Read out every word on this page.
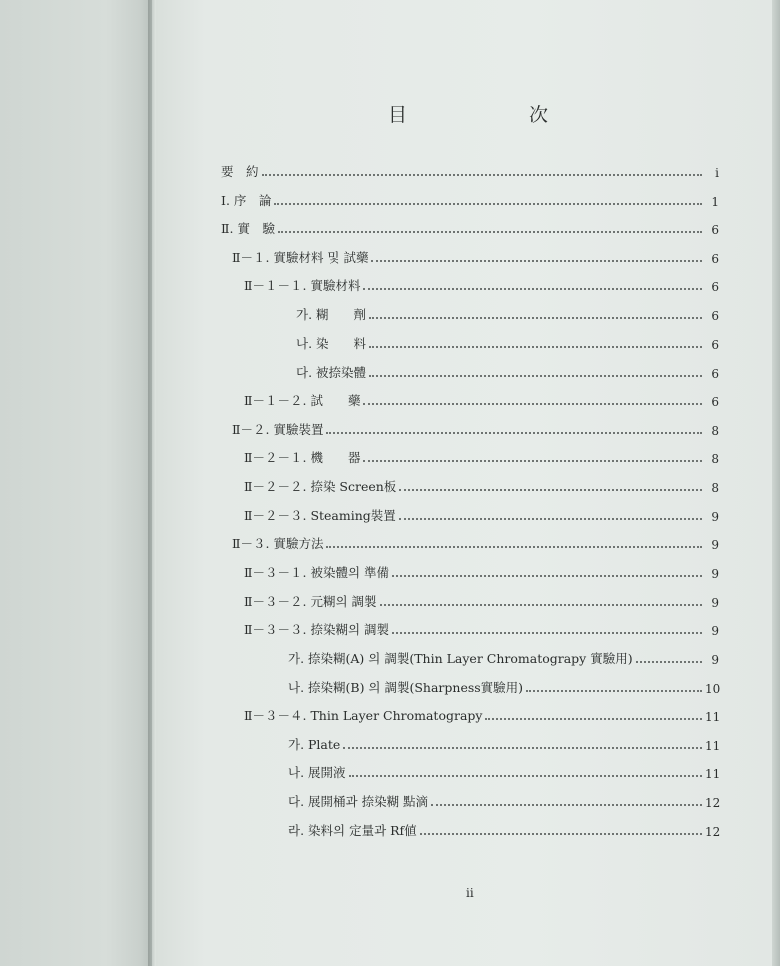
目	次
要　約	i
Ⅰ. 序　論	1
Ⅱ. 實　驗	6
Ⅱ－１. 實驗材料 및 試藥	6
Ⅱ－１－１. 實驗材料	6
가. 糊　　劑	6
나. 染　　料	6
다. 被捺染體	6
Ⅱ－１－２. 試　　藥	6
Ⅱ－２. 實驗裝置	8
Ⅱ－２－１. 機　　器	8
Ⅱ－２－２. 捺染 Screen板	8
Ⅱ－２－３. Steaming裝置	9
Ⅱ－３. 實驗方法	9
Ⅱ－３－１. 被染體의 準備	9
Ⅱ－３－２. 元糊의 調製	9
Ⅱ－３－３. 捺染糊의 調製	9
가. 捺染糊(A) 의 調製(Thin Layer Chromatograpy 實驗用)	9
나. 捺染糊(B) 의 調製(Sharpness實驗用)	10
Ⅱ－３－４. Thin Layer Chromatograpy	11
가. Plate	11
나. 展開液	11
다. 展開桶과 捺染糊 點滴	12
라. 染料의 定量과 Rf値	12
ii
